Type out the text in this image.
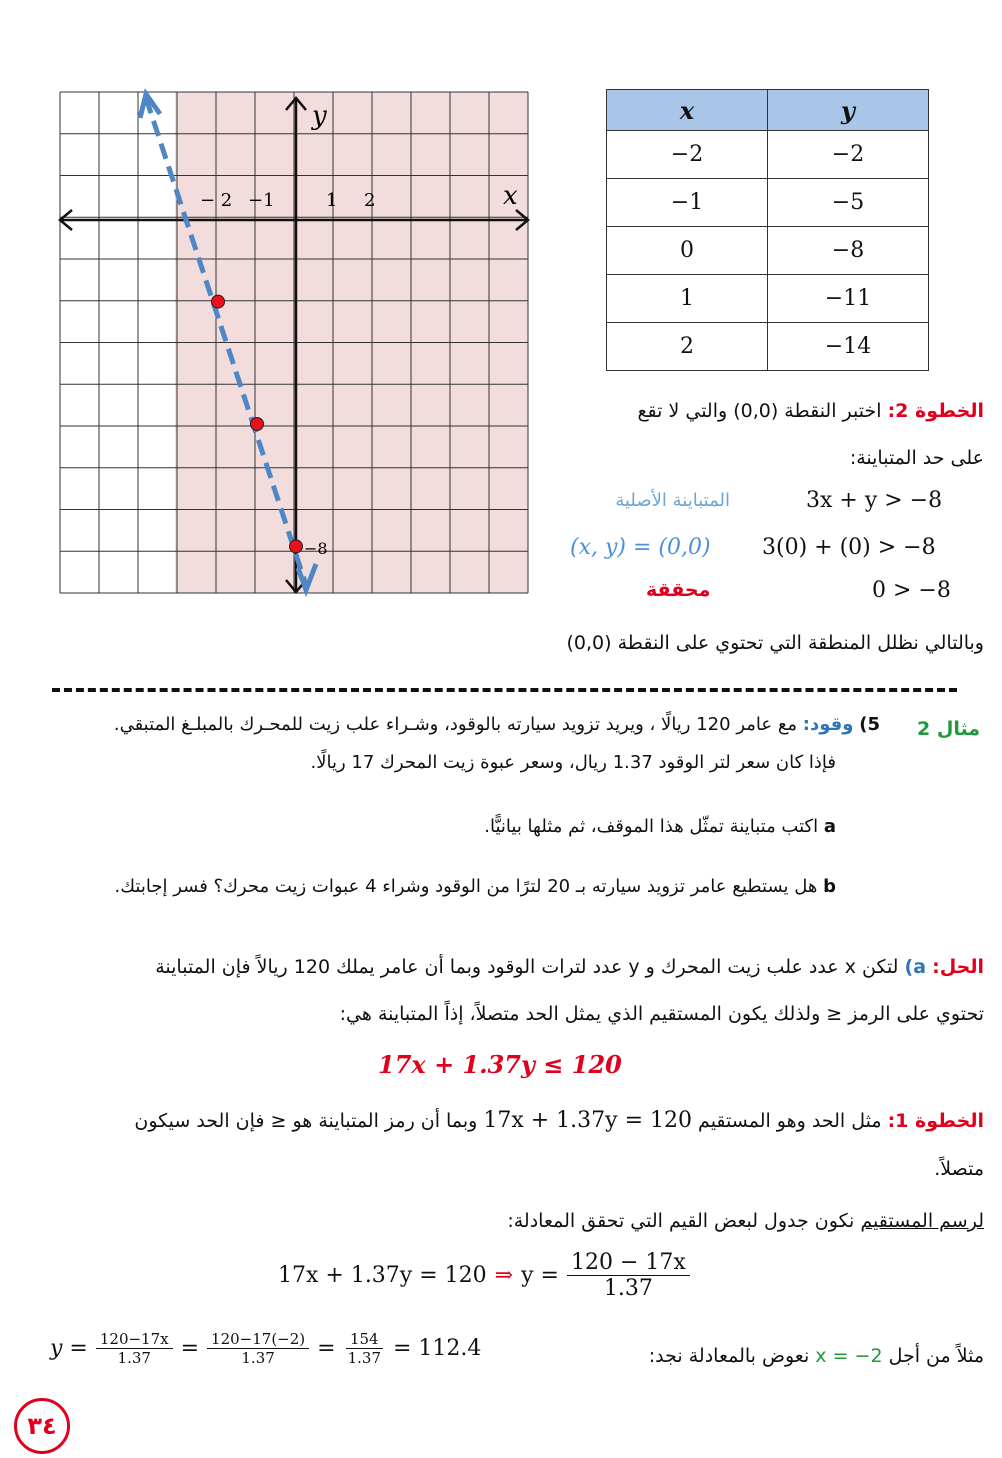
y
x
− 2 −1	1 2
−8
x	y
−2	−2
−1	−5
0	−8
1	−11
2	−14
الخطوة 2: اختبر النقطة (0,0) والتي لا تقع
على حد المتباينة:
المتباينة الأصلية	3x + y > −8
(x, y) = (0,0) 3(0) + (0) > −8
محققة	0 > −8
وبالتالي نظلل المنطقة التي تحتوي على النقطة (0,0)
مثال 2
5) وقود: مع عامر 120 ريالًا ، ويريد تزويد سيارته بالوقود، وشـراء علب زيت للمحـرك بالمبلـغ المتبقي.
فإذا كان سعر لتر الوقود 1.37 ريال، وسعر عبوة زيت المحرك 17 ريالًا.
a اكتب متباينة تمثّل هذا الموقف، ثم مثلها بيانيًّا.
b هل يستطيع عامر تزويد سيارته بـ 20 لترًا من الوقود وشراء 4 عبوات زيت محرك؟ فسر إجابتك.
الحل: a) لتكن x عدد علب زيت المحرك و y عدد لترات الوقود وبما أن عامر يملك 120 ريالاً فإن المتباينة
تحتوي على الرمز ≤ ولذلك يكون المستقيم الذي يمثل الحد متصلاً، إذاً المتباينة هي:
17x + 1.37y ≤ 120
الخطوة 1: مثل الحد وهو المستقيم 17x + 1.37y = 120 وبما أن رمز المتباينة هو ≤ فإن الحد سيكون
متصلاً.
لرسم المستقيم نكون جدول لبعض القيم التي تحقق المعادلة:
17x + 1.37y = 120 ⇒ $y = \frac{120 - 17x}{1.37}$
مثلاً من أجل x = −2 نعوض بالمعادلة نجد:
$y = \frac{120-17x}{1.37} = \frac{120-17(-2)}{1.37} = \frac{154}{1.37} = 112.4$
٣٤
